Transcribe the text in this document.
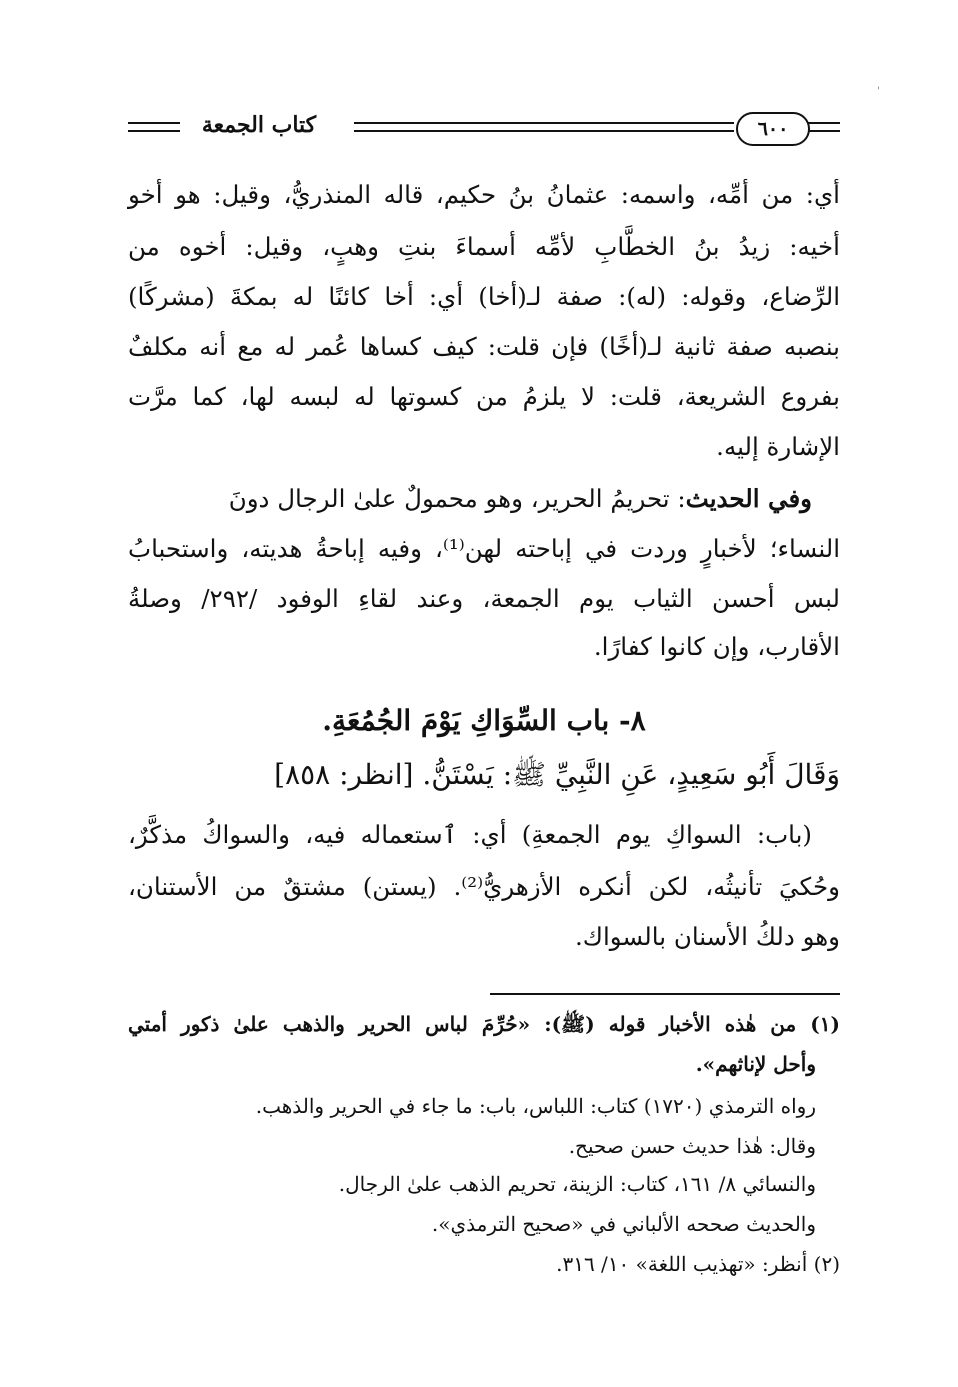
ꞌ
٦٠٠
كتاب الجمعة
أي: من أمِّه، واسمه: عثمانُ بنُ حكيم، قاله المنذريُّ، وقيل: هو أخو
أخيه: زيدُ بنُ الخطَّابِ لأمِّه أسماءَ بنتِ وهبٍ، وقيل: أخوه من
الرِّضاع، وقوله: (له): صفة لـ(أخا) أي: أخا كائنًا له بمكةَ (مشركًا)
بنصبه صفة ثانية لـ(أخًا) فإن قلت: كيف كساها عُمر له مع أنه مكلفٌ
بفروع الشريعة، قلت: لا يلزمُ من كسوتها له لبسه لها، كما مرَّت
الإشارة إليه.
وفي الحديث: تحريمُ الحرير، وهو محمولٌ علىٰ الرجال دونَ
النساء؛ لأخبارٍ وردت في إباحته لهن⁽¹⁾، وفيه إباحةُ هديته، واستحبابُ
لبس أحسن الثياب يوم الجمعة، وعند لقاءِ الوفود /٢٩٢/ وصلةُ
الأقارب، وإن كانوا كفارًا.
٨- باب السِّوَاكِ يَوْمَ الجُمُعَةِ.
وَقَالَ أَبُو سَعِيدٍ، عَنِ النَّبِيِّ ﷺ: يَسْتَنُّ. [انظر: ٨٥٨]
(باب: السواكِ يوم الجمعةِ) أي: ٱستعماله فيه، والسواكُ مذكَّرٌ،
وحُكيَ تأنيثُه، لكن أنكره الأزهريُّ⁽²⁾. (يستن) مشتقٌ من الأستنان،
وهو دلكُ الأسنان بالسواك.
(١) من هٰذه الأخبار قوله (ﷺ): «حُرِّمَ لباس الحرير والذهب علىٰ ذكور أمتي
وأحل لإناثهم».
رواه الترمذي (١٧٢٠) كتاب: اللباس، باب: ما جاء في الحرير والذهب.
وقال: هٰذا حديث حسن صحيح.
والنسائي ٨/ ١٦١، كتاب: الزينة، تحريم الذهب علىٰ الرجال.
والحديث صححه الألباني في «صحيح الترمذي».
(٢) أنظر: «تهذيب اللغة» ١٠/ ٣١٦.
